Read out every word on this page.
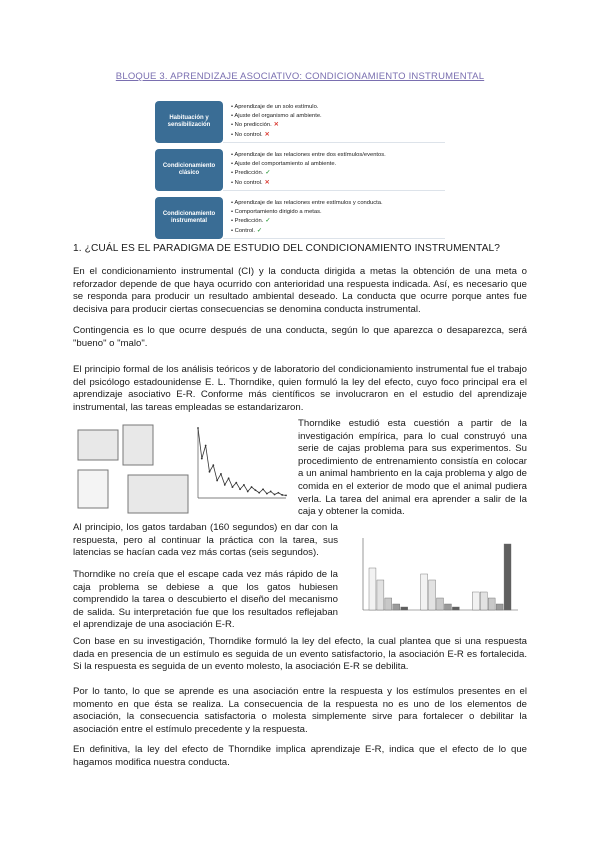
BLOQUE 3. APRENDIZAJE ASOCIATIVO: CONDICIONAMIENTO INSTRUMENTAL
Habituación y sensibilización
• Aprendizaje de un solo estímulo.
• Ajuste del organismo al ambiente.
• No predicción. ✕
• No control. ✕
Condicionamiento clásico
• Aprendizaje de las relaciones entre dos estímulos/eventos.
• Ajuste del comportamiento al ambiente.
• Predicción. ✓
• No control. ✕
Condicionamiento instrumental
• Aprendizaje de las relaciones entre estímulos y conducta.
• Comportamiento dirigido a metas.
• Predicción. ✓
• Control. ✓
1. ¿CUÁL ES EL PARADIGMA DE ESTUDIO DEL CONDICIONAMIENTO INSTRUMENTAL?

En el condicionamiento instrumental (CI) y la conducta dirigida a metas la obtención de una meta o reforzador depende de que haya ocurrido con anterioridad una respuesta indicada. Así, es necesario que se responda para producir un resultado ambiental deseado. La conducta que ocurre porque antes fue decisiva para producir ciertas consecuencias se denomina conducta instrumental.

Contingencia es lo que ocurre después de una conducta, según lo que aparezca o desaparezca, será "bueno" o "malo".

El principio formal de los análisis teóricos y de laboratorio del condicionamiento instrumental fue el trabajo del psicólogo estadounidense E. L. Thorndike, quien formuló la ley del efecto, cuyo foco principal era el aprendizaje asociativo E-R. Conforme más científicos se involucraron en el estudio del aprendizaje instrumental, las tareas empleadas se estandarizaron.

Thorndike estudió esta cuestión a partir de la investigación empírica, para lo cual construyó una serie de cajas problema para sus experimentos. Su procedimiento de entrenamiento consistía en colocar a un animal hambriento en la caja problema y algo de comida en el exterior de modo que el animal pudiera verla. La tarea del animal era aprender a salir de la caja y obtener la comida.

Al principio, los gatos tardaban (160 segundos) en dar con la respuesta, pero al continuar la práctica con la tarea, sus latencias se hacían cada vez más cortas (seis segundos).

Thorndike no creía que el escape cada vez más rápido de la caja problema se debiese a que los gatos hubiesen comprendido la tarea o descubierto el diseño del mecanismo de salida. Su interpretación fue que los resultados reflejaban el aprendizaje de una asociación E-R.

Con base en su investigación, Thorndike formuló la ley del efecto, la cual plantea que si una respuesta dada en presencia de un estímulo es seguida de un evento satisfactorio, la asociación E-R es fortalecida. Si la respuesta es seguida de un evento molesto, la asociación E-R se debilita.

Por lo tanto, lo que se aprende es una asociación entre la respuesta y los estímulos presentes en el momento en que ésta se realiza. La consecuencia de la respuesta no es uno de los elementos de asociación, la consecuencia satisfactoria o molesta simplemente sirve para fortalecer o debilitar la asociación entre el estímulo precedente y la respuesta.

En definitiva, la ley del efecto de Thorndike implica aprendizaje E-R, indica que el efecto de lo que hagamos modifica nuestra conducta.
